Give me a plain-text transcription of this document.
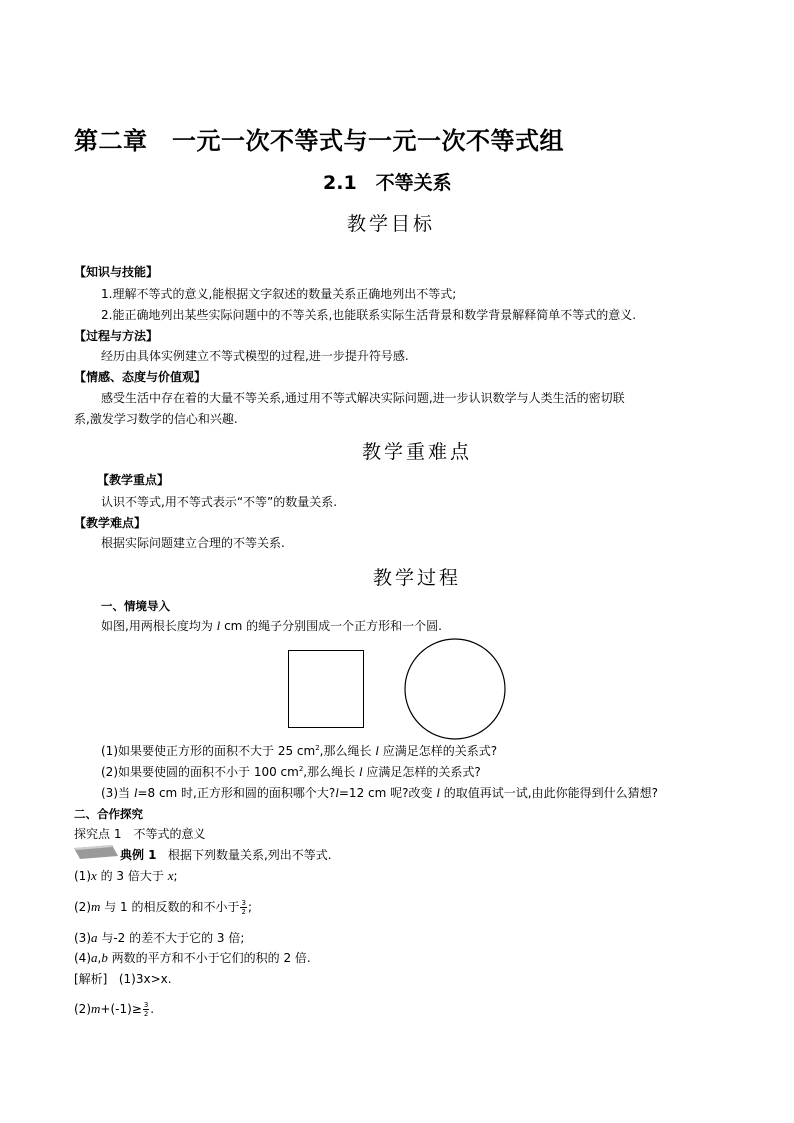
第二章　一元一次不等式与一元一次不等式组
2.1　不等关系
教学目标
【知识与技能】
1.理解不等式的意义,能根据文字叙述的数量关系正确地列出不等式;
2.能正确地列出某些实际问题中的不等关系,也能联系实际生活背景和数学背景解释简单不等式的意义.
【过程与方法】
经历由具体实例建立不等式模型的过程,进一步提升符号感.
【情感、态度与价值观】
感受生活中存在着的大量不等关系,通过用不等式解决实际问题,进一步认识数学与人类生活的密切联
系,激发学习数学的信心和兴趣.
教学重难点
【教学重点】
认识不等式,用不等式表示“不等”的数量关系.
【教学难点】
根据实际问题建立合理的不等关系.
教学过程
一、情境导入
如图,用两根长度均为 l cm 的绳子分别围成一个正方形和一个圆.
(1)如果要使正方形的面积不大于 25 $cm^2$,那么绳长 l 应满足怎样的关系式?
(2)如果要使圆的面积不小于 100 $cm^2$,那么绳长 l 应满足怎样的关系式?
(3)当 l=8 cm 时,正方形和圆的面积哪个大?l=12 cm 呢?改变 l 的取值再试一试,由此你能得到什么猜想?
二、合作探究
探究点 1　不等式的意义
典例 1 根据下列数量关系,列出不等式.
(1)x 的 3 倍大于 x;
(2)m 与 1 的相反数的和不小于 $\frac{3}{2}$ ;
(3)a 与-2 的差不大于它的 3 倍;
(4)a,b 两数的平方和不小于它们的积的 2 倍.
[解析] (1)3x>x.
$(2)m+(-1)\ge \frac{3}{2}$ .
